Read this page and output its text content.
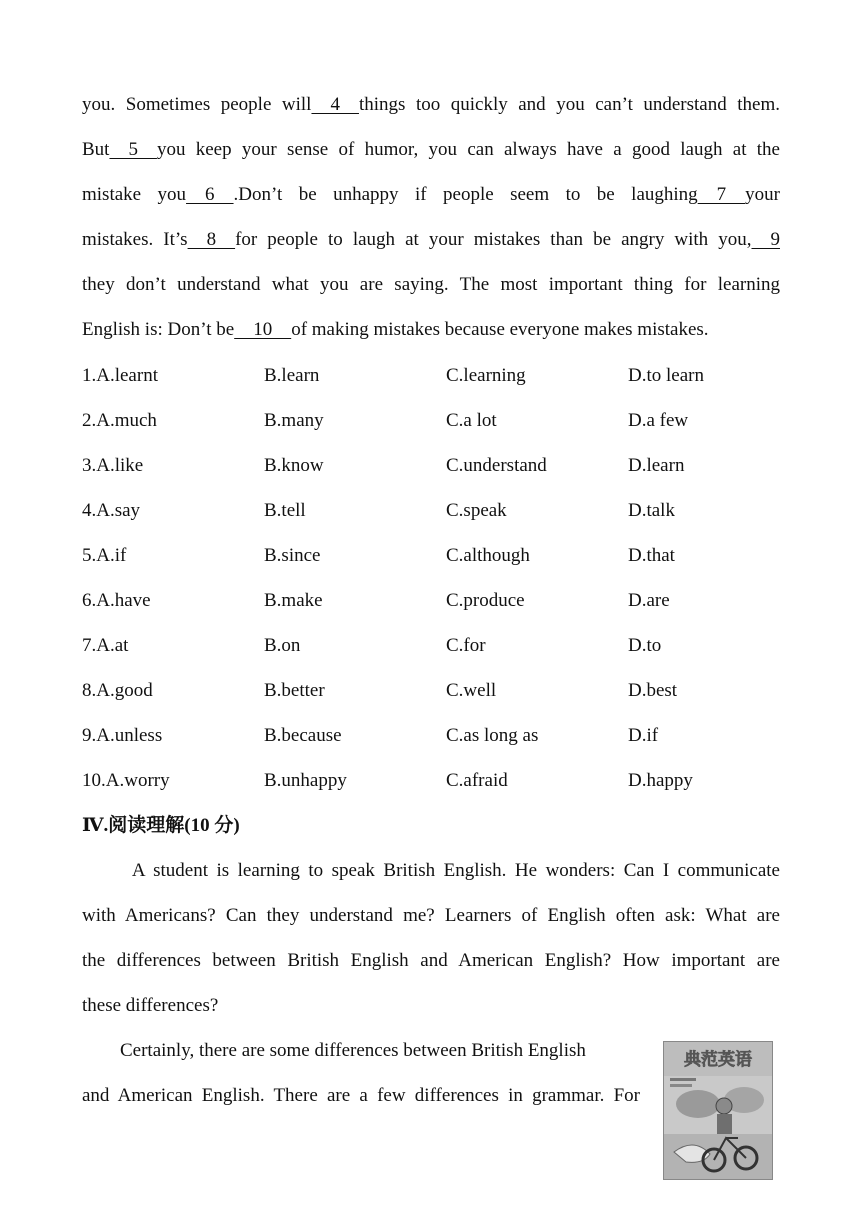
you. Sometimes people will    4    things too quickly and you can’t understand them.
But    5    you keep your sense of humor, you can always have a good laugh at the
mistake you    6    .Don’t be unhappy if people seem to be laughing    7    your
mistakes. It’s    8    for people to laugh at your mistakes than be angry with you,    9
they don’t understand what you are saying. The most important thing for learning
English is: Don’t be    10    of making mistakes because everyone makes mistakes.
1.A.learnt	B.learn	C.learning	D.to learn
2.A.much	B.many	C.a lot	D.a few
3.A.like	B.know	C.understand	D.learn
4.A.say	B.tell	C.speak	D.talk
5.A.if	B.since	C.although	D.that
6.A.have	B.make	C.produce	D.are
7.A.at	B.on	C.for	D.to
8.A.good	B.better	C.well	D.best
9.A.unless	B.because	C.as long as	D.if
10.A.worry	B.unhappy	C.afraid	D.happy
Ⅳ.阅读理解(10 分)
A student is learning to speak British English. He wonders: Can I communicate
with Americans? Can they understand me? Learners of English often ask: What are
the differences between British English and American English? How important are
these differences?
Certainly, there are some differences between British English
and American English. There are a few differences in grammar. For
典范英语
